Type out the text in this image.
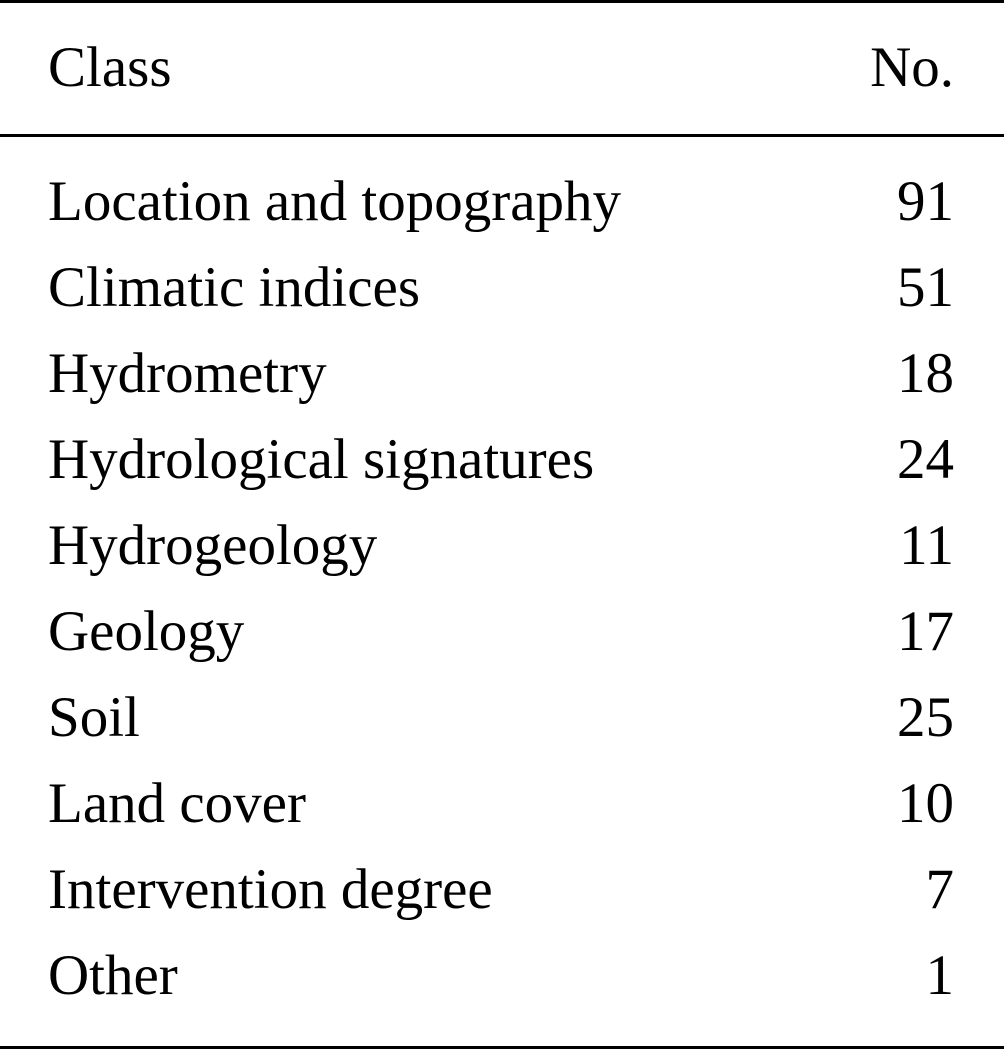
Class	No.
Location and topography	91
Climatic indices	51
Hydrometry	18
Hydrological signatures	24
Hydrogeology	11
Geology	17
Soil	25
Land cover	10
Intervention degree	7
Other	1
